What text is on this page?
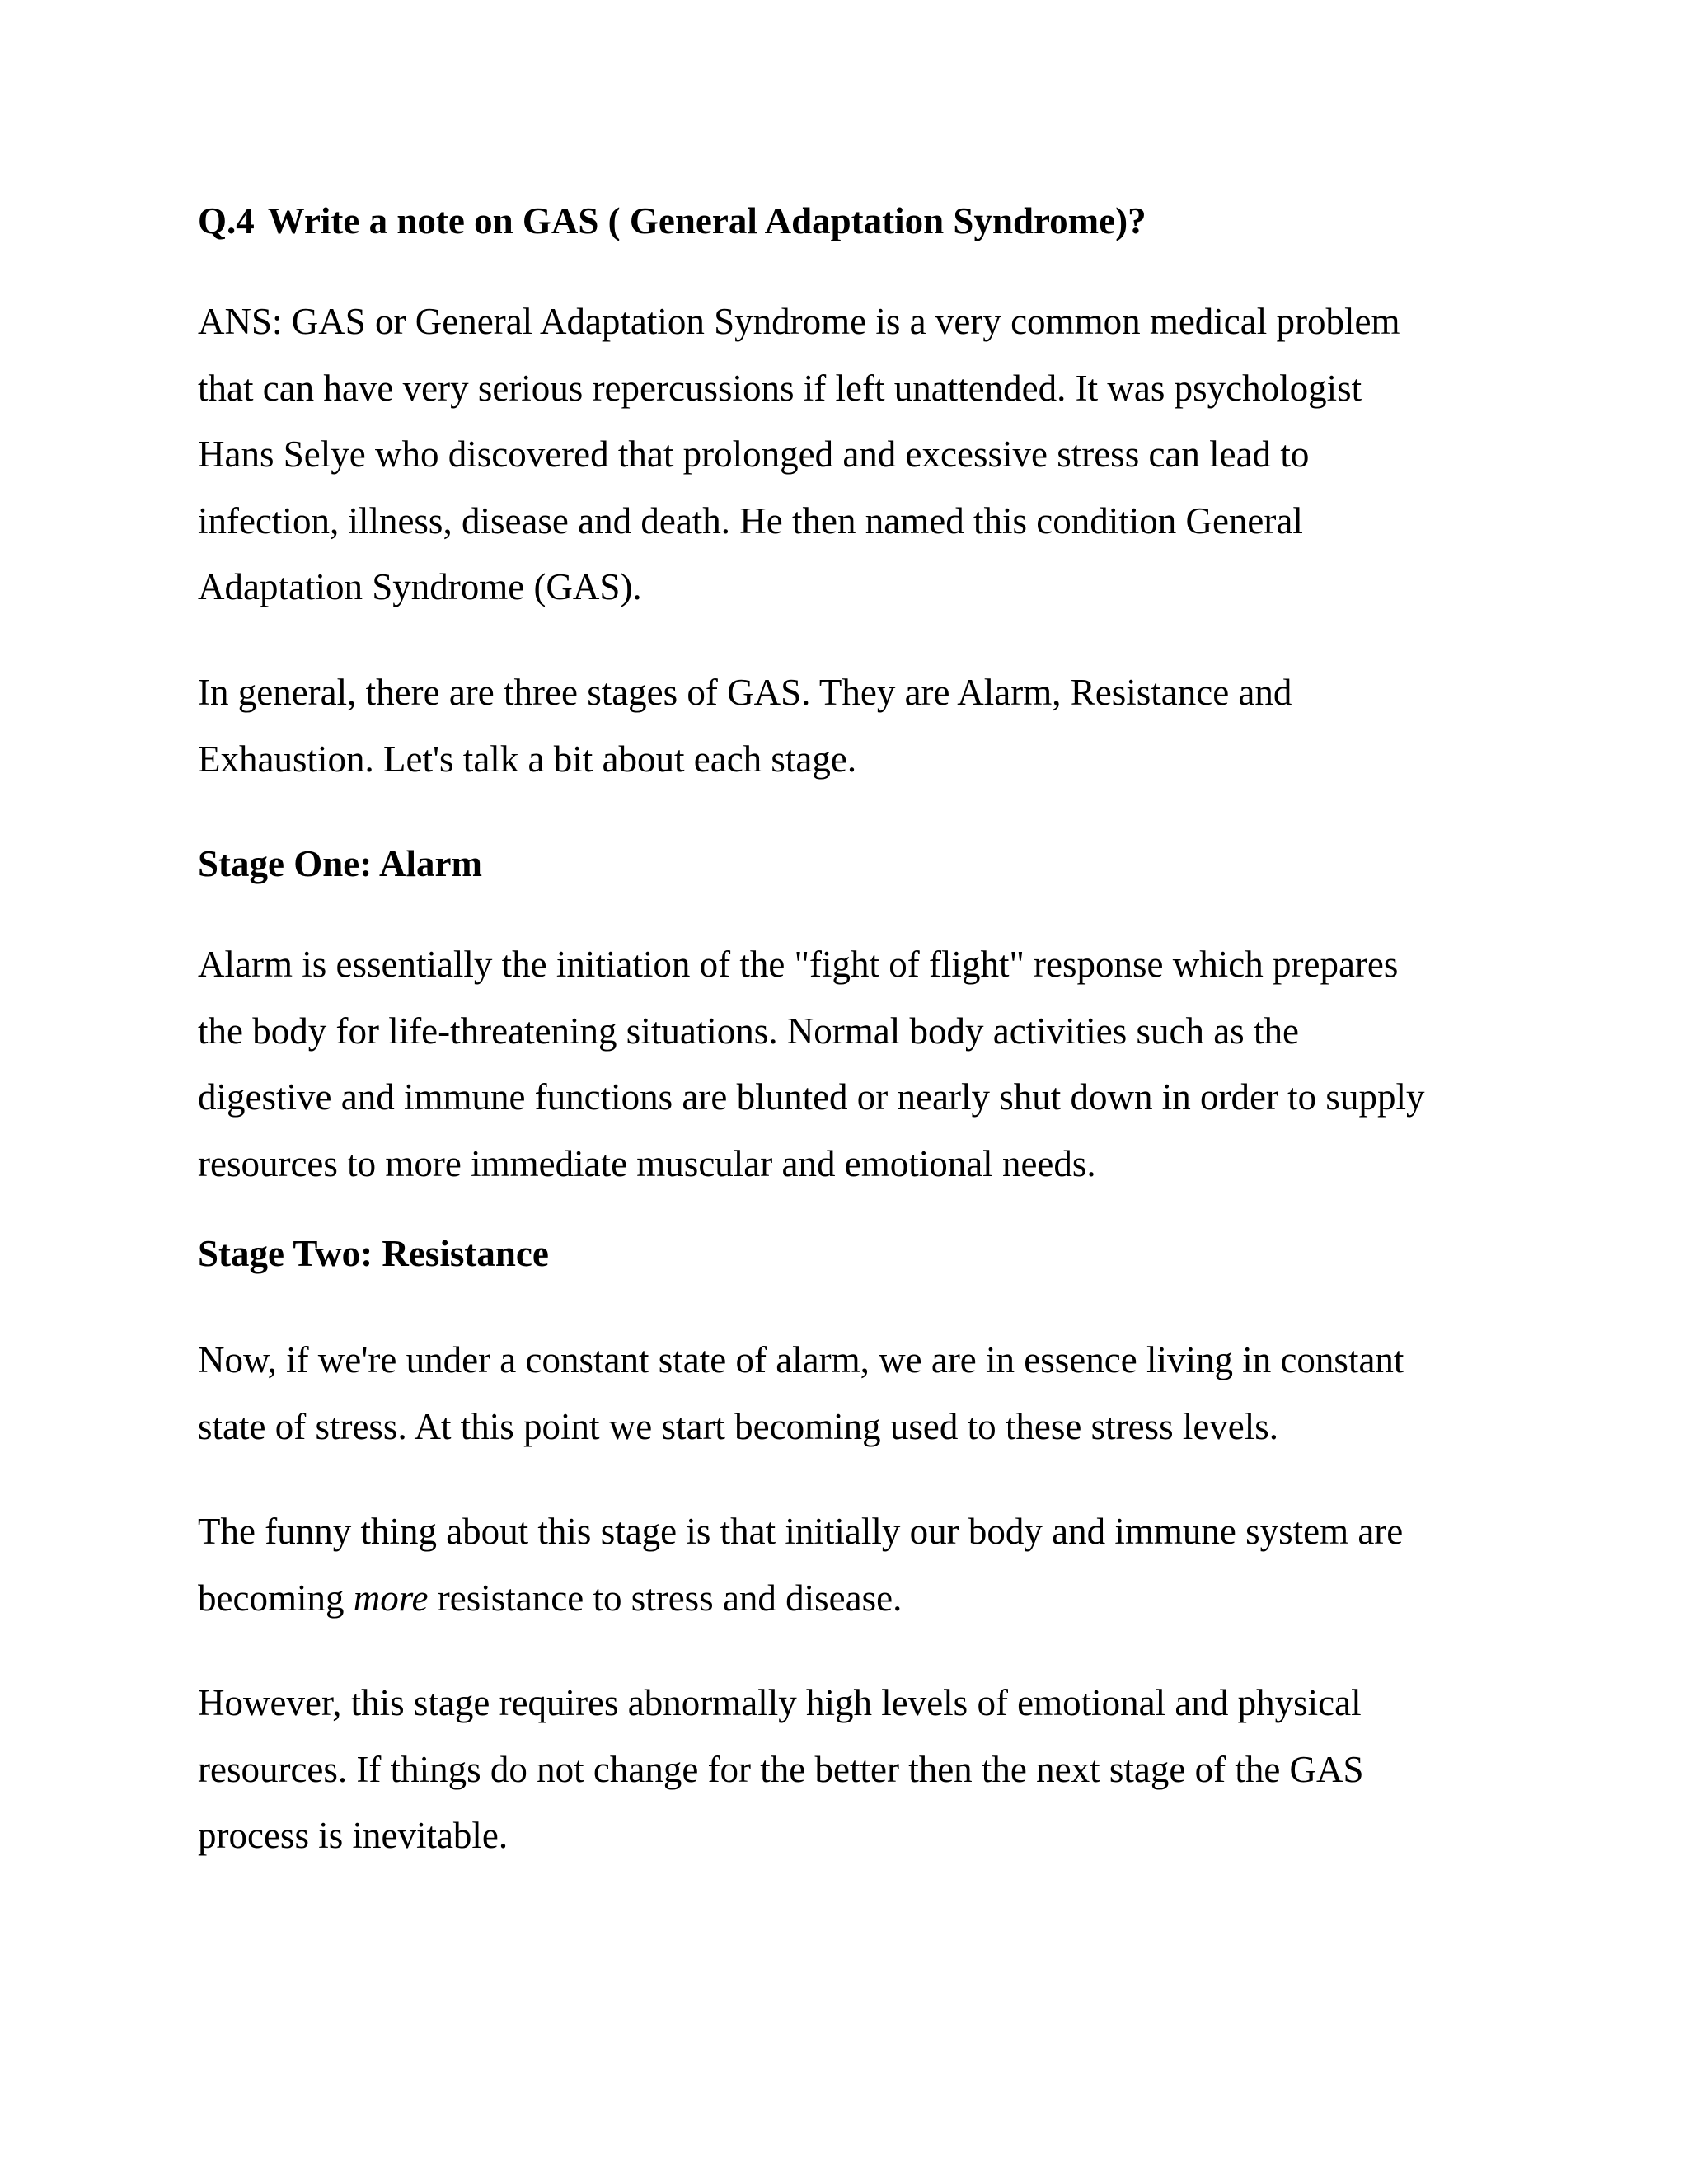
Q.4 Write a note on GAS ( General Adaptation Syndrome)?

ANS: GAS or General Adaptation Syndrome is a very common medical problem
that can have very serious repercussions if left unattended. It was psychologist
Hans Selye who discovered that prolonged and excessive stress can lead to
infection, illness, disease and death. He then named this condition General
Adaptation Syndrome (GAS).

In general, there are three stages of GAS. They are Alarm, Resistance and
Exhaustion. Let's talk a bit about each stage.

Stage One: Alarm

Alarm is essentially the initiation of the "fight of flight" response which prepares
the body for life-threatening situations. Normal body activities such as the
digestive and immune functions are blunted or nearly shut down in order to supply
resources to more immediate muscular and emotional needs.

Stage Two: Resistance

Now, if we're under a constant state of alarm, we are in essence living in constant
state of stress. At this point we start becoming used to these stress levels.

The funny thing about this stage is that initially our body and immune system are
becoming more resistance to stress and disease.

However, this stage requires abnormally high levels of emotional and physical
resources. If things do not change for the better then the next stage of the GAS
process is inevitable.
